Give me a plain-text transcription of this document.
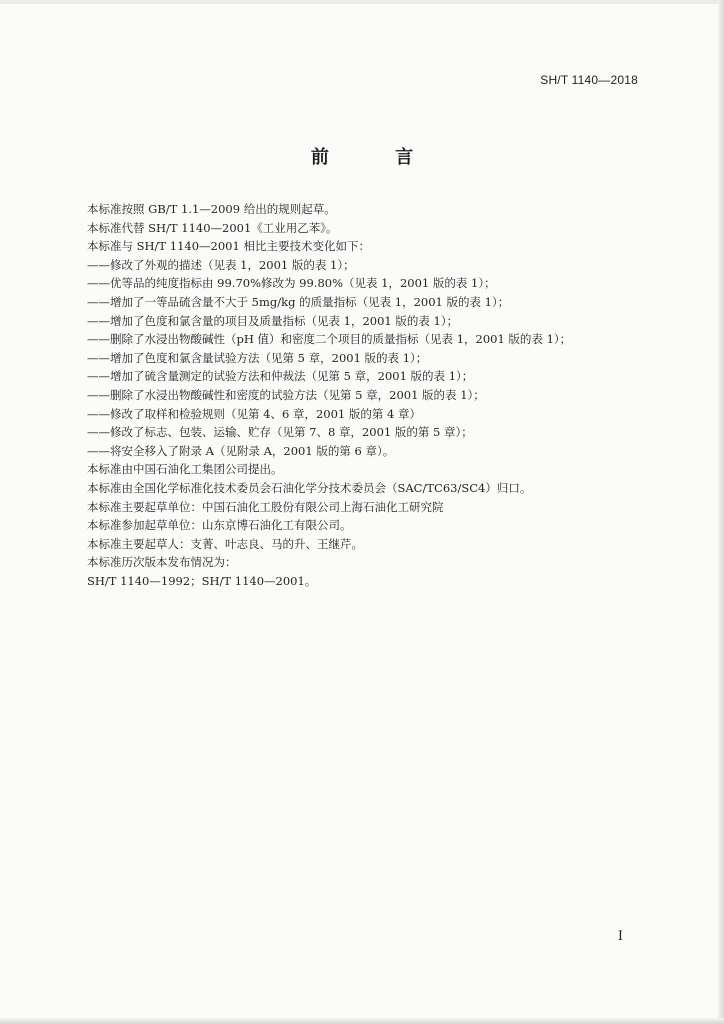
SH/T 1140—2018
前 言
本标准按照 GB/T 1.1—2009 给出的规则起草。
本标准代替 SH/T 1140—2001《工业用乙苯》。
本标准与 SH/T 1140—2001 相比主要技术变化如下：
——修改了外观的描述（见表 1，2001 版的表 1）；
——优等品的纯度指标由 99.70%修改为 99.80%（见表 1，2001 版的表 1）；
——增加了一等品硫含量不大于 5mg/kg 的质量指标（见表 1，2001 版的表 1）；
——增加了色度和氯含量的项目及质量指标（见表 1，2001 版的表 1）；
——删除了水浸出物酸碱性（pH 值）和密度二个项目的质量指标（见表 1，2001 版的表 1）；
——增加了色度和氯含量试验方法（见第 5 章，2001 版的表 1）；
——增加了硫含量测定的试验方法和仲裁法（见第 5 章，2001 版的表 1）；
——删除了水浸出物酸碱性和密度的试验方法（见第 5 章，2001 版的表 1）；
——修改了取样和检验规则（见第 4、6 章，2001 版的第 4 章）
——修改了标志、包装、运输、贮存（见第 7、8 章，2001 版的第 5 章）；
——将安全移入了附录 A（见附录 A，2001 版的第 6 章）。
本标准由中国石油化工集团公司提出。
本标准由全国化学标准化技术委员会石油化学分技术委员会（SAC/TC63/SC4）归口。
本标准主要起草单位：中国石油化工股份有限公司上海石油化工研究院
本标准参加起草单位：山东京博石油化工有限公司。
本标准主要起草人：支菁、叶志良、马的升、王继芹。
本标准历次版本发布情况为：
SH/T 1140—1992；SH/T 1140—2001。
I
